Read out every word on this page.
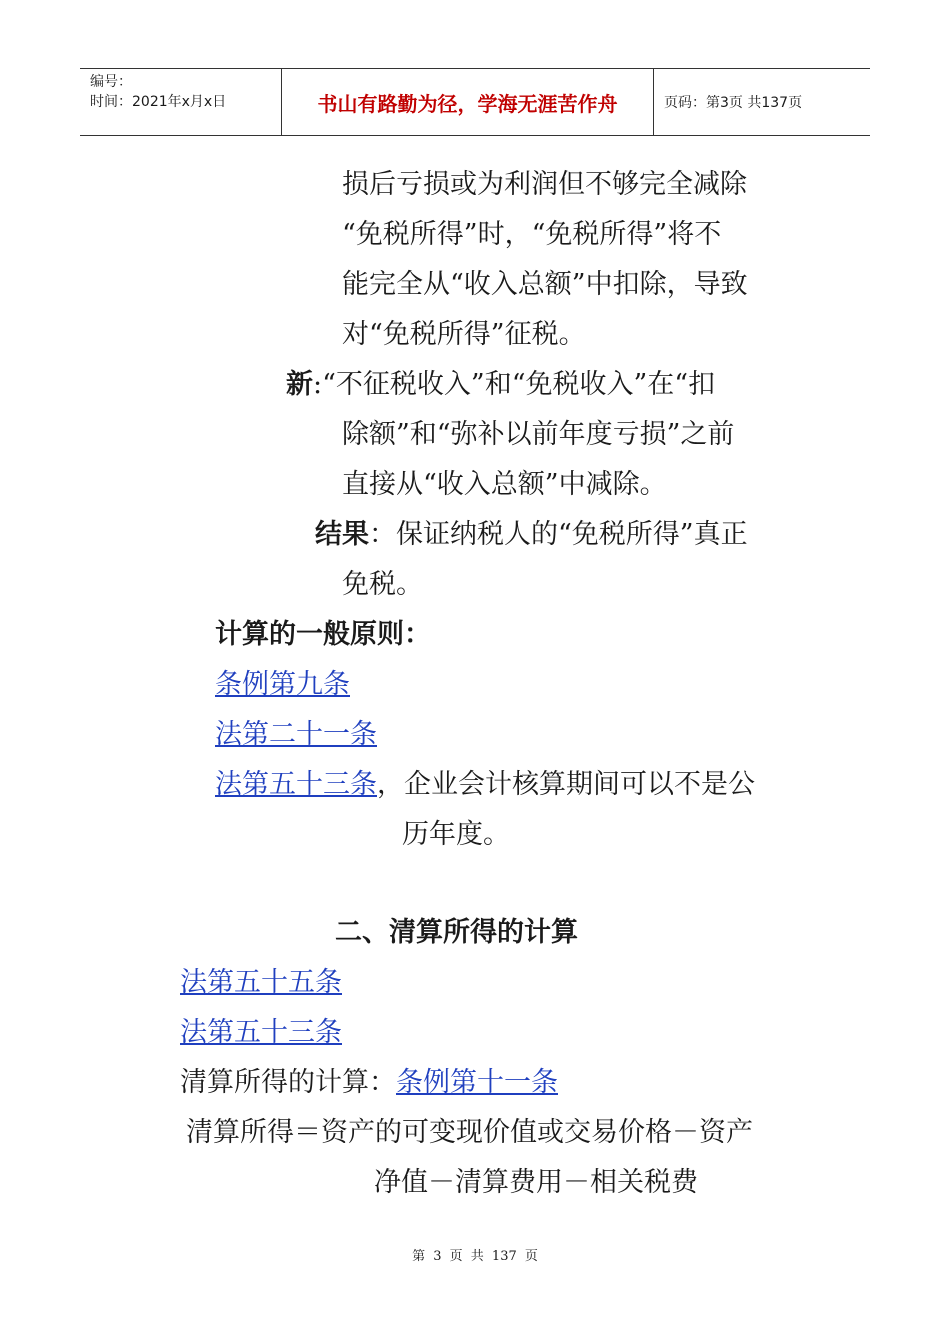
编号：
时间：2021年x月x日	书山有路勤为径，学海无涯苦作舟	页码：第3页 共137页
损后亏损或为利润但不够完全减除
“免税所得”时，“免税所得”将不
能完全从“收入总额”中扣除，导致
对“免税所得”征税。
新:“不征税收入”和“免税收入”在“扣
除额”和“弥补以前年度亏损”之前
直接从“收入总额”中减除。
结果：保证纳税人的“免税所得”真正
免税。
计算的一般原则：
条例第九条
法第二十一条
法第五十三条，企业会计核算期间可以不是公
历年度。
二、清算所得的计算
法第五十五条
法第五十三条
清算所得的计算：条例第十一条
清算所得＝资产的可变现价值或交易价格－资产
净值－清算费用－相关税费
第 3 页 共 137 页
